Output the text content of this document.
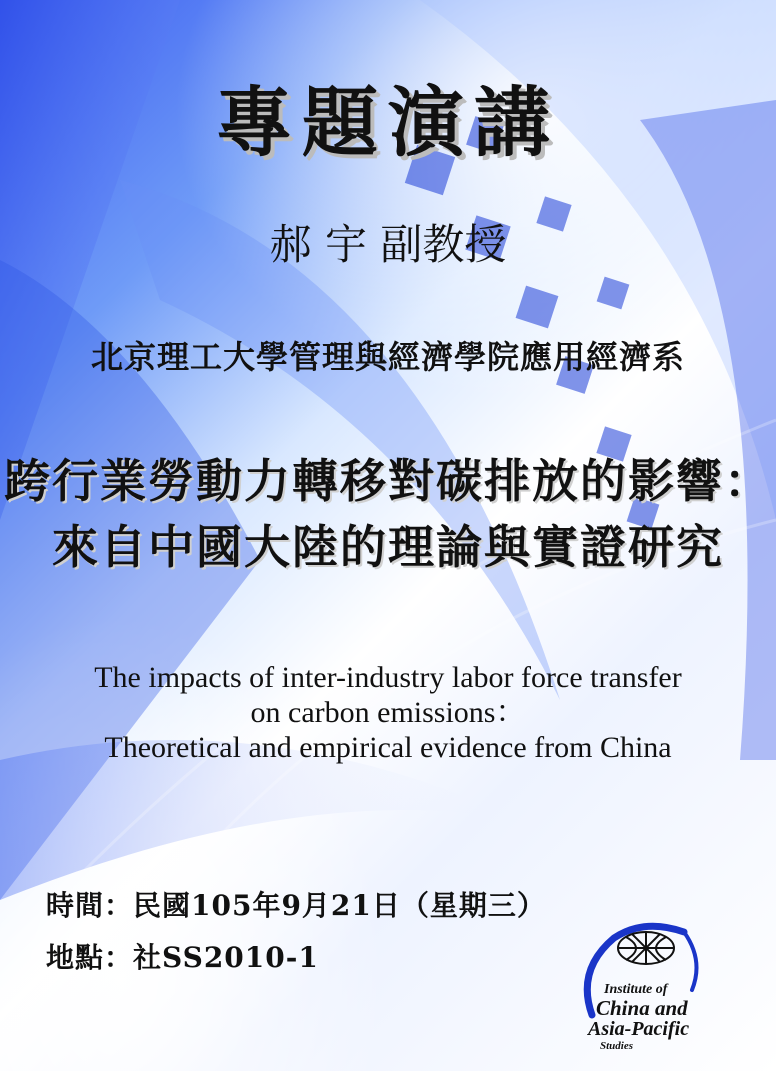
專題演講
郝 宇 副教授
北京理工大學管理與經濟學院應用經濟系
跨行業勞動力轉移對碳排放的影響：
來自中國大陸的理論與實證研究
The impacts of inter-industry labor force transfer
on carbon emissions：
Theoretical and empirical evidence from China
時間：民國105年9月21日（星期三）
地點：社SS2010-1
Institute of
China and
Asia-Pacific
Studies
